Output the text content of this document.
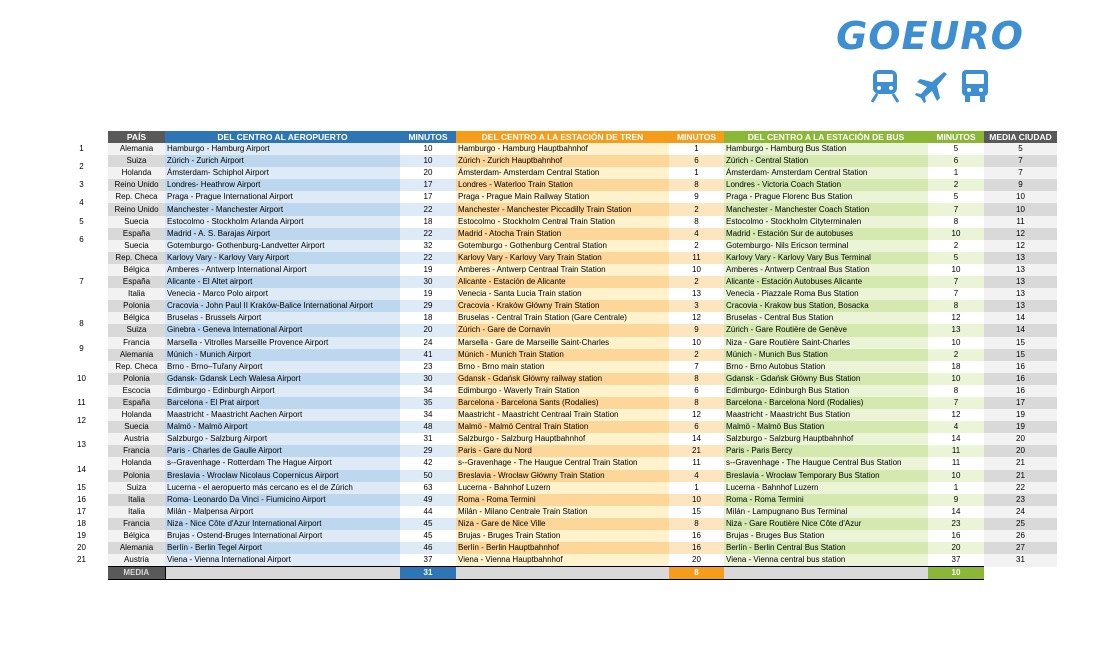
GOEURO
	PAÍS	DEL CENTRO AL AEROPUERTO	MINUTOS	DEL CENTRO A LA ESTACIÓN DE TREN	MINUTOS	DEL CENTRO A LA ESTACIÓN DE BUS	MINUTOS	MEDIA CIUDAD
1	Alemania	Hamburgo - Hamburg Airport	10	Hamburgo - Hamburg Hauptbahnhof	1	Hamburgo - Hamburg Bus Station	5	5
2	Suiza	Zúrich - Zurich Airport	10	Zúrich - Zurich Hauptbahnhof	6	Zúrich - Central Station	6	7
	Holanda	Ámsterdam- Schiphol Airport	20	Ámsterdam- Amsterdam Central Station	1	Ámsterdam- Amsterdam Central Station	1	7
3	Reino Unido	Londres- Heathrow Airport	17	Londres - Waterloo Train Station	8	Londres - Victoria Coach Station	2	9
4	Rep. Checa	Praga - Prague International Airport	17	Praga - Prague Main Railway Station	9	Praga - Prague Florenc Bus Station	5	10
	Reino Unido	Manchester - Manchester Airport	22	Manchester - Manchester Piccadilly Train Station	2	Manchester - Manchester Coach Station	7	10
5	Suecia	Estocolmo - Stockholm Arlanda Airport	18	Estocolmo - Stockholm Central Train Station	8	Estocolmo - Stockholm Cityterminalen	8	11
6	España	Madrid - A. S. Barajas Airport	22	Madrid - Atocha Train Station	4	Madrid - Estación Sur de autobuses	10	12
	Suecia	Gotemburgo- Gothenburg-Landvetter Airport	32	Gotemburgo - Gothenburg Central Station	2	Gotemburgo- Nils Ericson terminal	2	12
7	Rep. Checa	Karlovy Vary - Karlovy Vary Airport	22	Karlovy Vary - Karlovy Vary Train Station	11	Karlovy Vary - Karlovy Vary Bus Terminal	5	13
	Bélgica	Amberes - Antwerp International Airport	19	Amberes - Antwerp Centraal Train Station	10	Amberes - Antwerp Centraal Bus Station	10	13
	España	Alicante - El Altet airport	30	Alicante - Estación de Alicante	2	Alicante - Estación Autobuses Alicante	7	13
	Italia	Venecia - Marco Polo airport	19	Venecia - Santa Lucia Train station	13	Venecia - Piazzale Roma Bus Station	7	13
	Polonia	Cracovia - John Paul II Kraków-Balice International Airport	29	Cracovia - Kraków Główny Train Station	3	Cracovia - Krakow bus Station, Bosacka	8	13
8	Bélgica	Bruselas - Brussels Airport	18	Bruselas - Central Train Station (Gare Centrale)	12	Bruselas - Central Bus Station	12	14
	Suiza	Ginebra - Geneva International Airport	20	Zúrich - Gare de Cornavin	9	Zúrich - Gare Routière de Genève	13	14
9	Francia	Marsella - Vitrolles Marseille Provence Airport	24	Marsella - Gare de Marseille Saint-Charles	10	Niza - Gare Routière Saint-Charles	10	15
	Alemania	Múnich - Munich Airport	41	Múnich - Munich Train Station	2	Múnich - Munich Bus Station	2	15
10	Rep. Checa	Brno - Brno–Tuřany Airport	23	Brno - Brno main station	7	Brno - Brno Autobus Station	18	16
	Polonia	Gdansk- Gdansk Lech Walesa Airport	30	Gdansk - Gdańsk Główny railway station	8	Gdansk - Gdańsk Główny Bus Station	10	16
	Escocia	Edimburgo - Edinburgh Airport	34	Edimburgo - Waverly Train Station	6	Edimburgo- Edinburgh Bus Station	8	16
11	España	Barcelona - El Prat airport	35	Barcelona - Barcelona Sants (Rodalies)	8	Barcelona - Barcelona Nord (Rodalies)	7	17
12	Holanda	Maastricht - Maastricht Aachen Airport	34	Maastricht - Maastricht Centraal Train Station	12	Maastricht - Maastricht Bus Station	12	19
	Suecia	Malmö - Malmö Airport	48	Malmö - Malmö Central Train Station	6	Malmö - Malmö Bus Station	4	19
13	Austria	Salzburgo - Salzburg Airport	31	Salzburgo - Salzburg Hauptbahnhof	14	Salzburgo - Salzburg Hauptbahnhof	14	20
	Francia	Paris - Charles de Gaulle Airport	29	Paris - Gare du Nord	21	Paris - Paris Bercy	11	20
14	Holanda	s--Gravenhage - Rotterdam The Hague Airport	42	s--Gravenhage - The Haugue Central Train Station	11	s--Gravenhage - The Haugue Central Bus Station	11	21
	Polonia	Breslavia - Wrocław Nicolaus Copernicus Airport	50	Breslavia - Wrocław Główny Train Station	4	Breslavia - Wrocław Temporary Bus Station	10	21
15	Suiza	Lucerna - el aeropuerto más cercano es el de Zúrich	63	Lucerna - Bahnhof Luzern	1	Lucerna - Bahnhof Luzern	1	22
16	Italia	Roma- Leonardo Da Vinci - Fiumicino Airport	49	Roma - Roma Termini	10	Roma - Roma Termini	9	23
17	Italia	Milán - Malpensa Airport	44	Milán - Milano Centrale Train Station	15	Milán - Lampugnano Bus Terminal	14	24
18	Francia	Niza - Nice Côte d'Azur International Airport	45	Niza - Gare de Nice Ville	8	Niza - Gare Routière Nice Côte d'Azur	23	25
19	Bélgica	Brujas - Ostend-Bruges International Airport	45	Brujas - Bruges Train Station	16	Brujas - Bruges Bus Station	16	26
20	Alemania	Berlín - Berlin Tegel Airport	46	Berlín - Berlin Hauptbahnhof	16	Berlín - Berlin Central Bus Station	20	27
21	Austria	Viena - Vienna International Airport	37	Viena - Vienna Hauptbahnhof	20	Viena - Vienna central bus station	37	31
	MEDIA		31		8		10	
